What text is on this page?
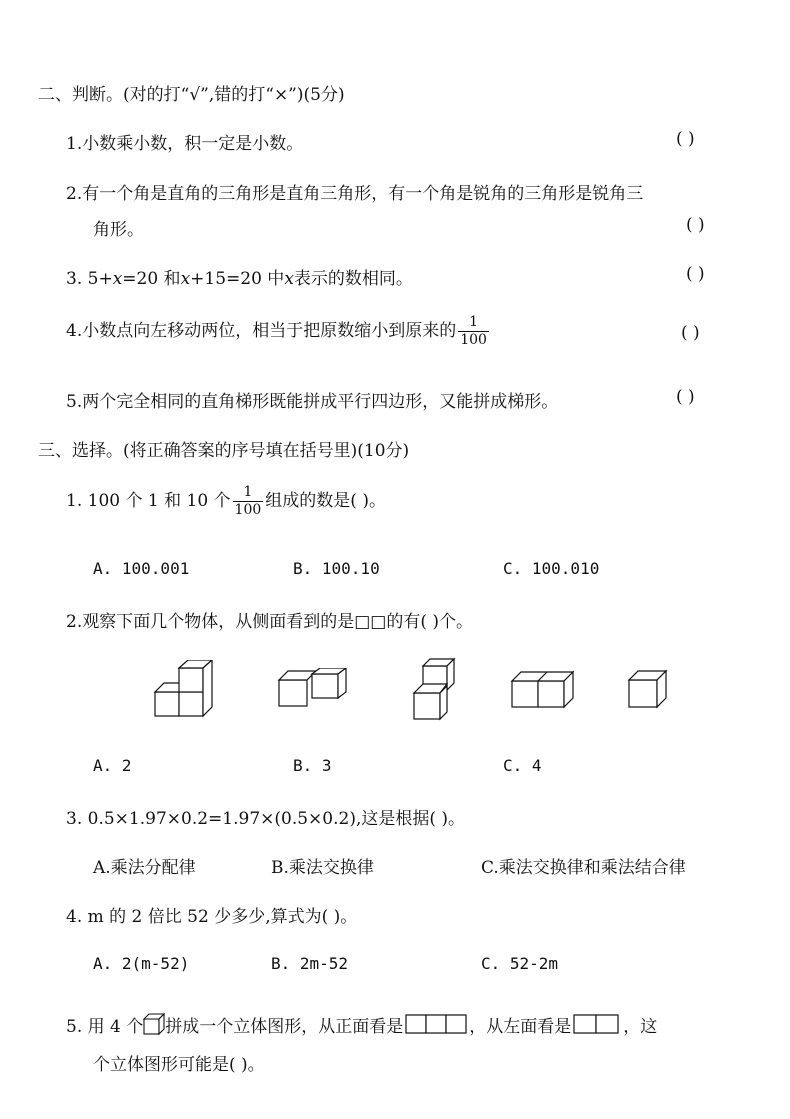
二、判断。(对的打“√”,错的打“×”)(5分)
1.小数乘小数，积一定是小数。	( )
2.有一个角是直角的三角形是直角三角形，有一个角是锐角的三角形是锐角三
角形。	( )
3. 5+x=20 和x+15=20 中x表示的数相同。	( )
4.小数点向左移动两位，相当于把原数缩小到原来的 $\frac{1}{100}$	( )
5.两个完全相同的直角梯形既能拼成平行四边形，又能拼成梯形。	( )
三、选择。(将正确答案的序号填在括号里)(10分)
1. 100 个 1 和 10 个 $\frac{1}{100}$ 组成的数是( )。
A. 100.001	B. 100.10	C. 100.010
2.观察下面几个物体，从侧面看到的是□□的有( )个。
A. 2	B. 3	C. 4
3. 0.5×1.97×0.2=1.97×(0.5×0.2),这是根据( )。
A.乘法分配律	B.乘法交换律	C.乘法交换律和乘法结合律
4. m 的 2 倍比 52 少多少,算式为( )。
A. 2(m-52)	B. 2m-52	C. 52-2m
5. 用 4 个 拼成一个立体图形，从正面看是	，从左面看是	，这
个立体图形可能是( )。
